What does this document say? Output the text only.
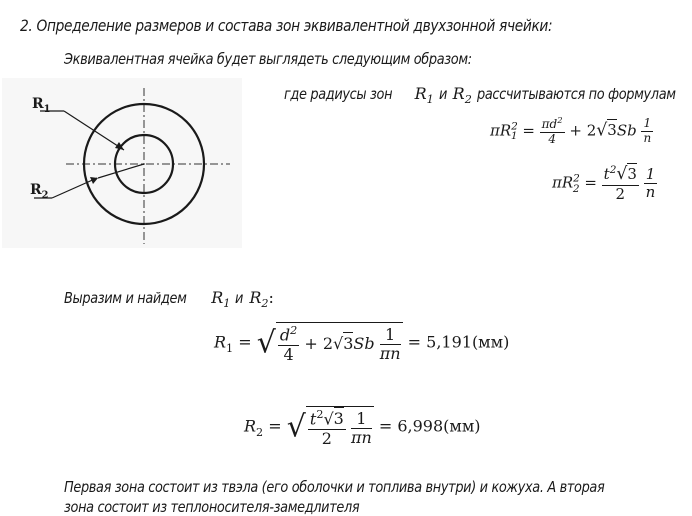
2. Определение размеров и состава зон эквивалентной двухзонной ячейки:
Эквивалентная ячейка будет выглядеть следующим образом:
$R_1$
$R_2$
где радиусы зон $R_1$ и $R_2$ рассчитываются по формулам
$\pi R^2_1 = \frac{\pi d^2}{4} + 2√3Sb \frac{1}{n}$
$\pi R^2_2 = \frac{t^2√3}{2}$
$\frac{1}{n}$
Выразим и найдем $R_1$ и $R_2$:
$R_1$ = √ $\frac{d^2}{4} + 2√3Sb \frac{1}{\pi n} = 5,191(мм)$
$R_2$ = √ $\frac{t^2√3}{2}$
$\frac{1}{\pi n} = 6,998(мм)$
Первая зона состоит из твэла (его оболочки и топлива внутри) и кожуха. А вторая
зона состоит из теплоносителя-замедлителя
